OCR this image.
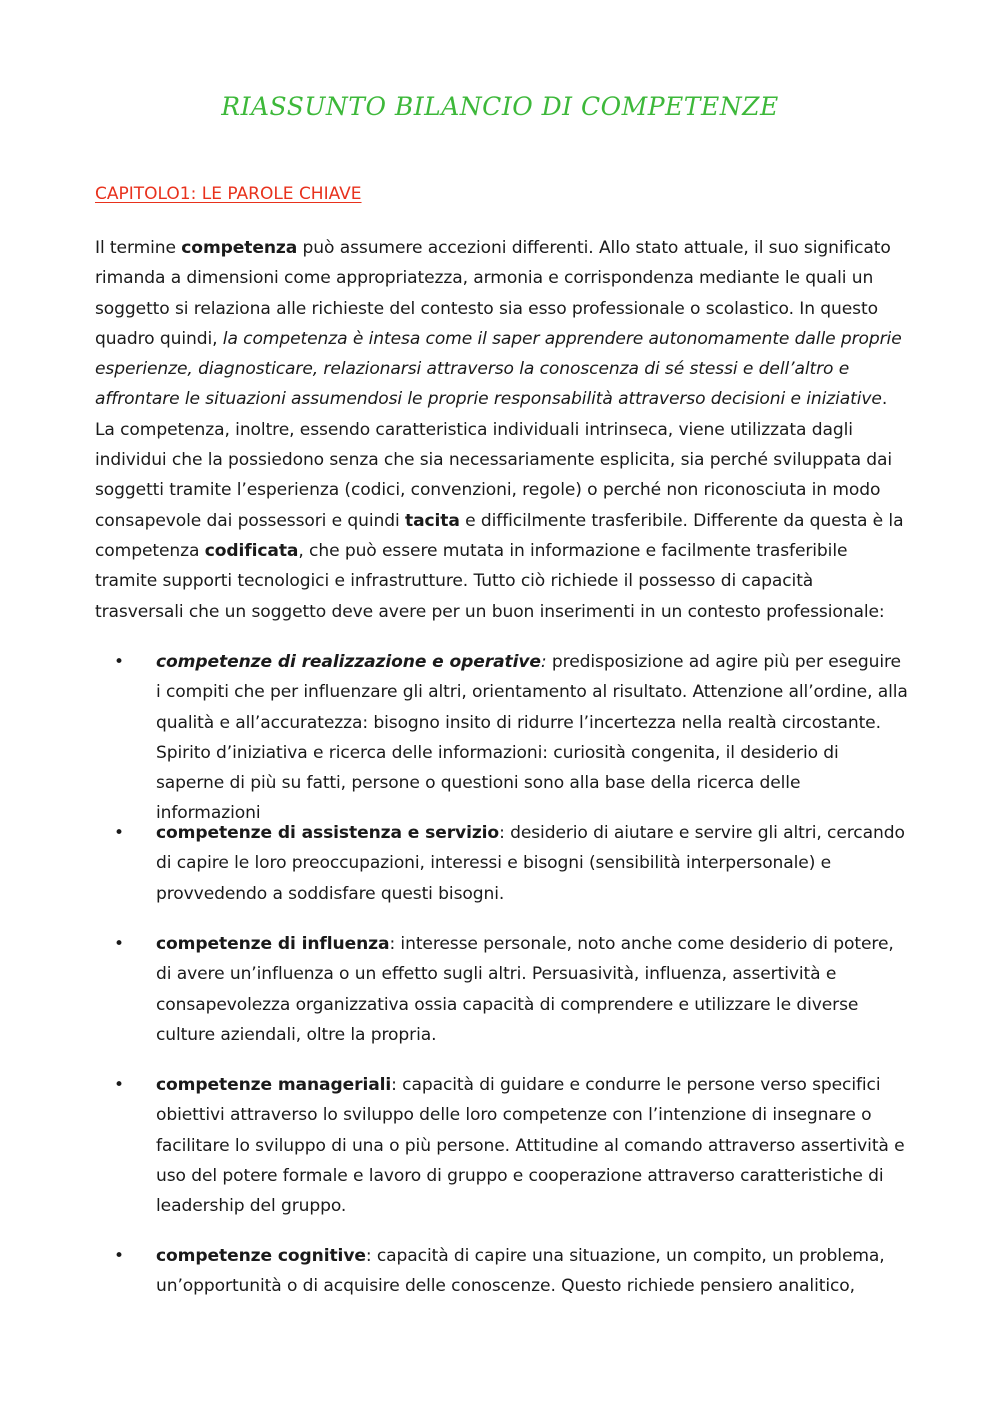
RIASSUNTO BILANCIO DI COMPETENZE
CAPITOLO1: LE PAROLE CHIAVE

Il termine competenza può assumere accezioni differenti. Allo stato attuale, il suo significato rimanda a dimensioni come appropriatezza, armonia e corrispondenza mediante le quali un soggetto si relaziona alle richieste del contesto sia esso professionale o scolastico. In questo quadro quindi, la competenza è intesa come il saper apprendere autonomamente dalle proprie esperienze, diagnosticare, relazionarsi attraverso la conoscenza di sé stessi e dell’altro e affrontare le situazioni assumendosi le proprie responsabilità attraverso decisioni e iniziative. La competenza, inoltre, essendo caratteristica individuali intrinseca, viene utilizzata dagli individui che la possiedono senza che sia necessariamente esplicita, sia perché sviluppata dai soggetti tramite l’esperienza (codici, convenzioni, regole) o perché non riconosciuta in modo consapevole dai possessori e quindi tacita e difficilmente trasferibile. Differente da questa è la competenza codificata, che può essere mutata in informazione e facilmente trasferibile tramite supporti tecnologici e infrastrutture. Tutto ciò richiede il possesso di capacità trasversali che un soggetto deve avere per un buon inserimenti in un contesto professionale:

• competenze di realizzazione e operative: predisposizione ad agire più per eseguire i compiti che per influenzare gli altri, orientamento al risultato. Attenzione all’ordine, alla qualità e all’accuratezza: bisogno insito di ridurre l’incertezza nella realtà circostante. Spirito d’iniziativa e ricerca delle informazioni: curiosità congenita, il desiderio di saperne di più su fatti, persone o questioni sono alla base della ricerca delle informazioni
• competenze di assistenza e servizio: desiderio di aiutare e servire gli altri, cercando di capire le loro preoccupazioni, interessi e bisogni (sensibilità interpersonale) e provvedendo a soddisfare questi bisogni.
• competenze di influenza: interesse personale, noto anche come desiderio di potere, di avere un’influenza o un effetto sugli altri. Persuasività, influenza, assertività e consapevolezza organizzativa ossia capacità di comprendere e utilizzare le diverse culture aziendali, oltre la propria.
• competenze manageriali: capacità di guidare e condurre le persone verso specifici obiettivi attraverso lo sviluppo delle loro competenze con l’intenzione di insegnare o facilitare lo sviluppo di una o più persone. Attitudine al comando attraverso assertività e uso del potere formale e lavoro di gruppo e cooperazione attraverso caratteristiche di leadership del gruppo.
• competenze cognitive: capacità di capire una situazione, un compito, un problema, un’opportunità o di acquisire delle conoscenze. Questo richiede pensiero analitico,
